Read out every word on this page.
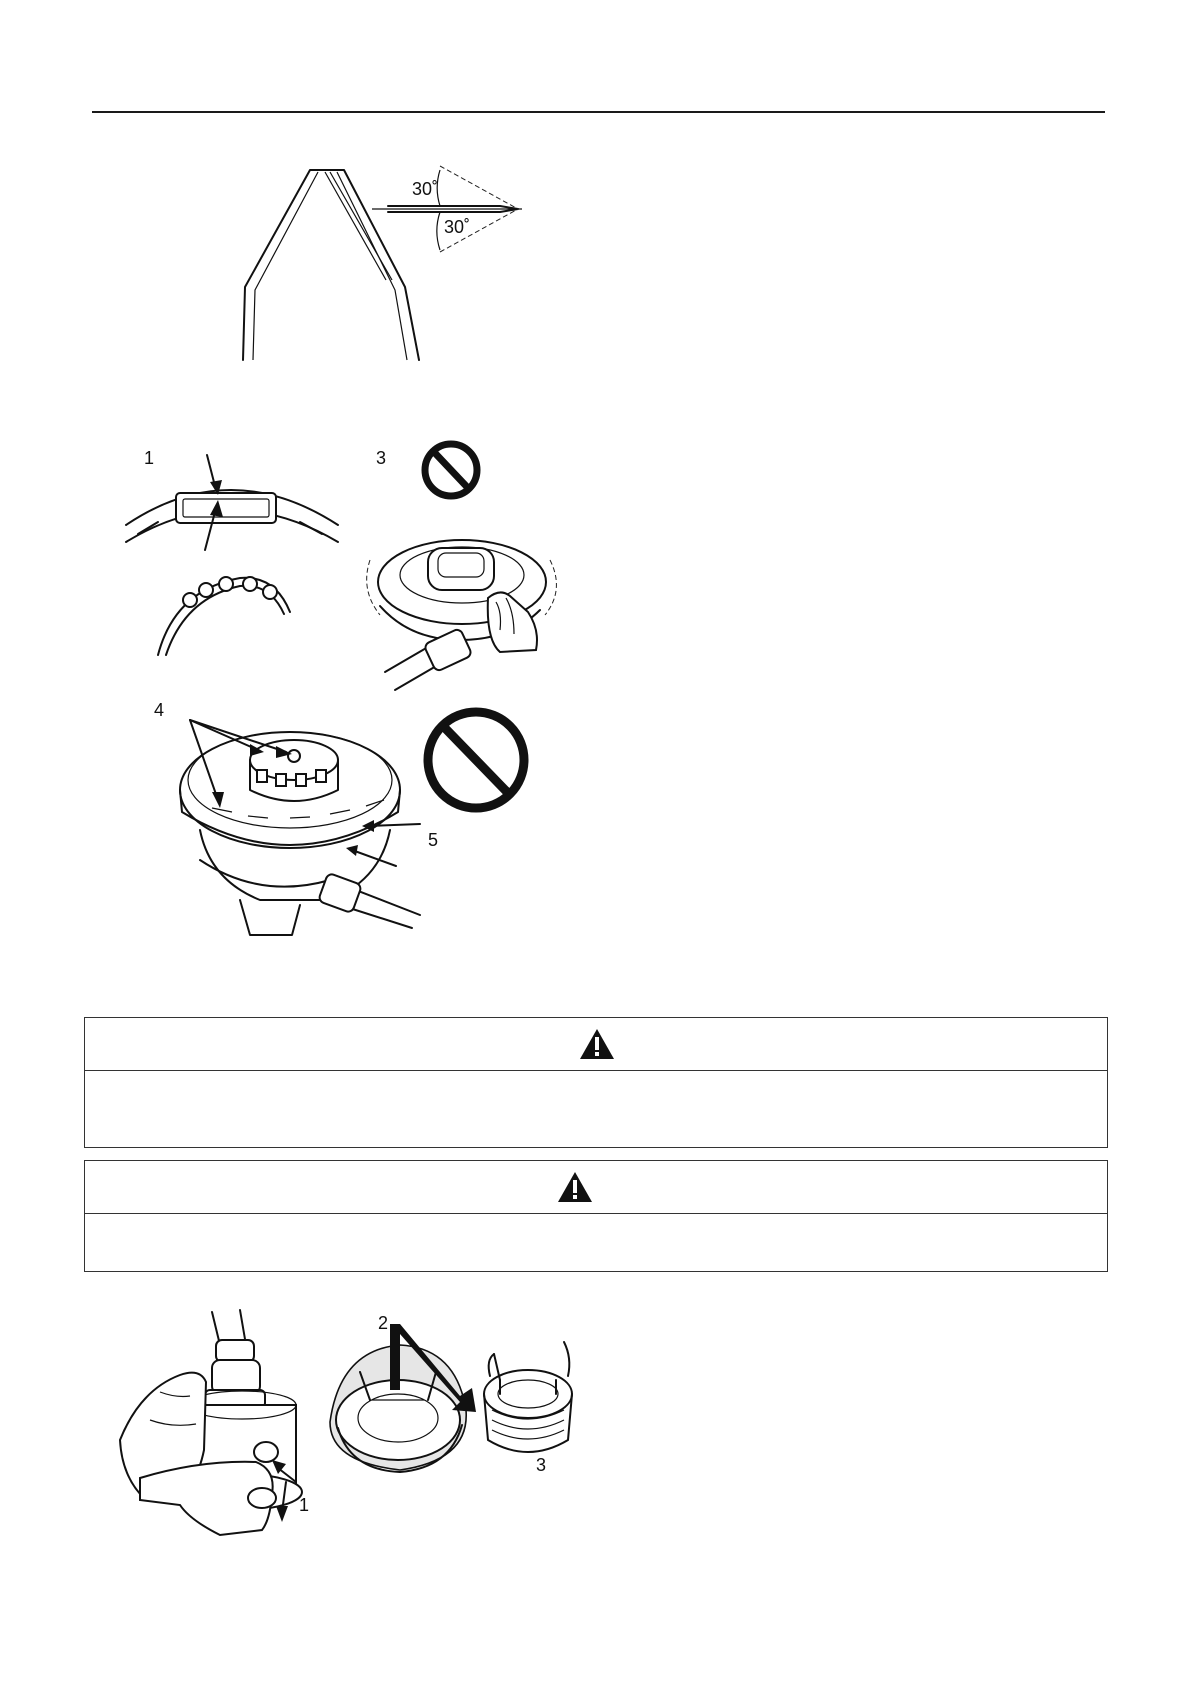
30˚
30˚
1	3
4
5
2
3
1
